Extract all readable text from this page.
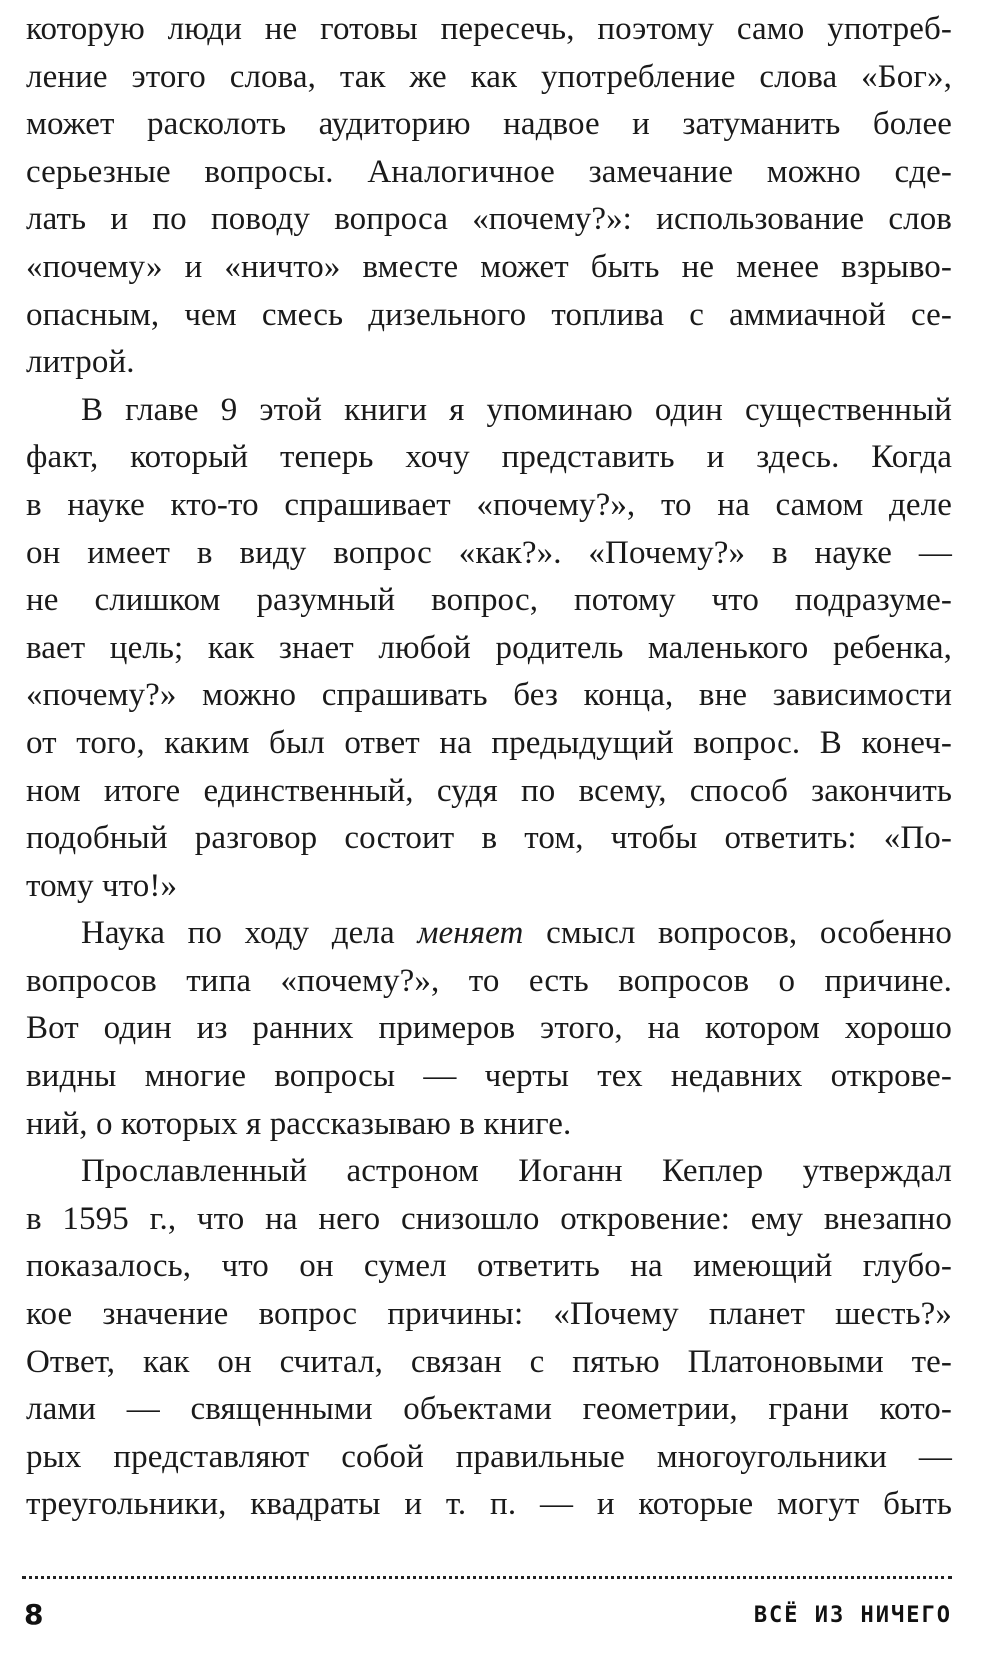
которую люди не готовы пересечь, поэтому само употреб-
ление этого слова, так же как употребление слова «Бог»,
может расколоть аудиторию надвое и затуманить более
серьезные вопросы. Аналогичное замечание можно сде-
лать и по поводу вопроса «почему?»: использование слов
«почему» и «ничто» вместе может быть не менее взрыво-
опасным, чем смесь дизельного топлива с аммиачной се-
литрой.

В главе 9 этой книги я упоминаю один существенный
факт, который теперь хочу представить и здесь. Когда
в науке кто-то спрашивает «почему?», то на самом деле
он имеет в виду вопрос «как?». «Почему?» в науке —
не слишком разумный вопрос, потому что подразуме-
вает цель; как знает любой родитель маленького ребенка,
«почему?» можно спрашивать без конца, вне зависимости
от того, каким был ответ на предыдущий вопрос. В конеч-
ном итоге единственный, судя по всему, способ закончить
подобный разговор состоит в том, чтобы ответить: «По-
тому что!»

Наука по ходу дела меняет смысл вопросов, особенно
вопросов типа «почему?», то есть вопросов о причине.
Вот один из ранних примеров этого, на котором хорошо
видны многие вопросы — черты тех недавних открове-
ний, о которых я рассказываю в книге.

Прославленный астроном Иоганн Кеплер утверждал
в 1595 г., что на него снизошло откровение: ему внезапно
показалось, что он сумел ответить на имеющий глубо-
кое значение вопрос причины: «Почему планет шесть?»
Ответ, как он считал, связан с пятью Платоновыми те-
лами — священными объектами геометрии, грани кото-
рых представляют собой правильные многоугольники —
треугольники, квадраты и т. п. — и которые могут быть

8	ВСЁ ИЗ НИЧЕГО
